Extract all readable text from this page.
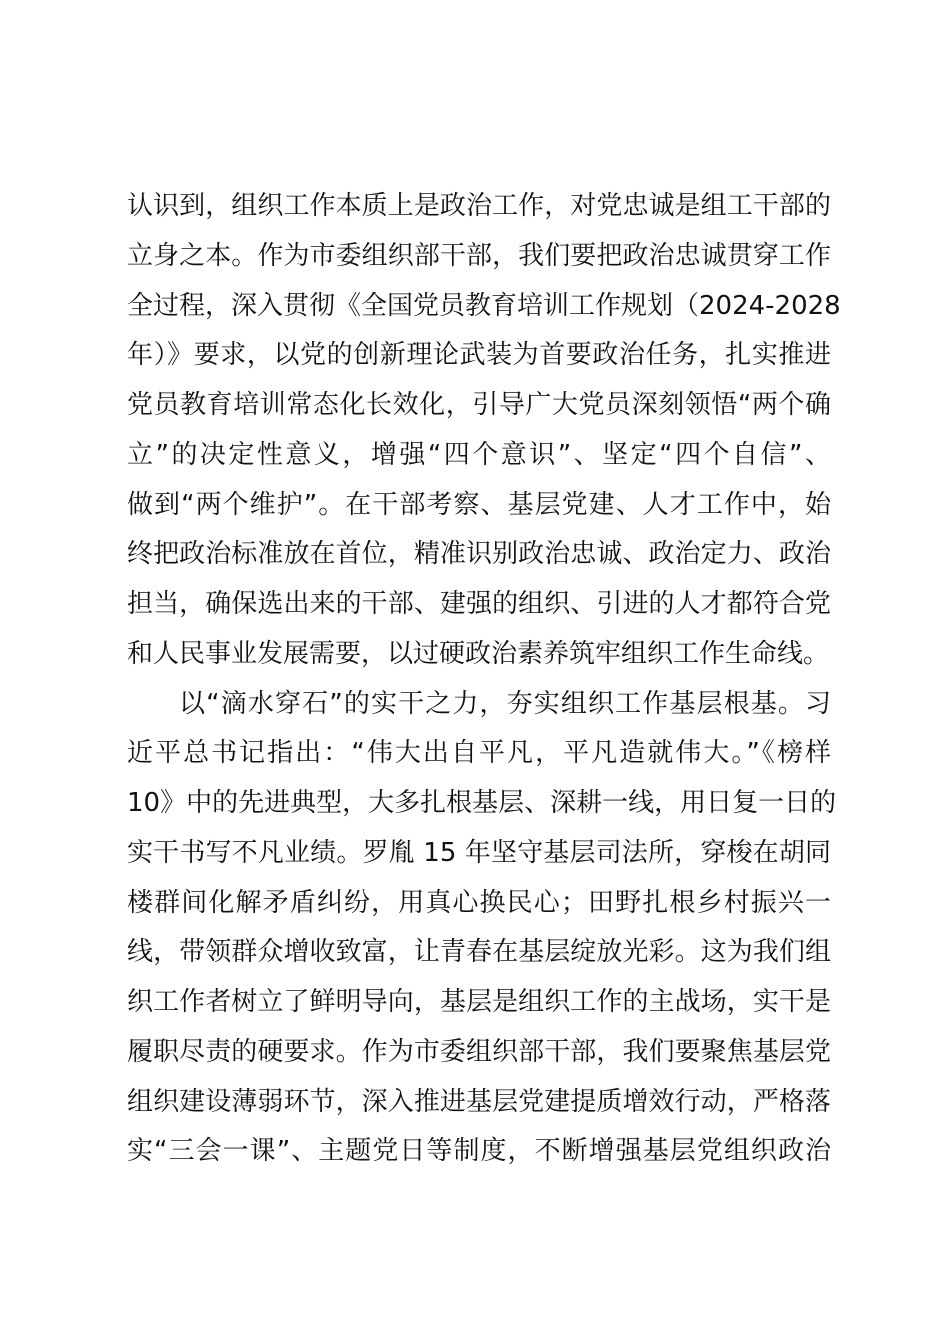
认识到，组织工作本质上是政治工作，对党忠诚是组工干部的
立身之本。作为市委组织部干部，我们要把政治忠诚贯穿工作
全过程，深入贯彻《全国党员教育培训工作规划（2024-2028
年）》要求，以党的创新理论武装为首要政治任务，扎实推进
党员教育培训常态化长效化，引导广大党员深刻领悟“两个确
立”的决定性意义，增强“四个意识”、坚定“四个自信”、
做到“两个维护”。在干部考察、基层党建、人才工作中，始
终把政治标准放在首位，精准识别政治忠诚、政治定力、政治
担当，确保选出来的干部、建强的组织、引进的人才都符合党
和人民事业发展需要，以过硬政治素养筑牢组织工作生命线。
以“滴水穿石”的实干之力，夯实组织工作基层根基。习
近平总书记指出：“伟大出自平凡，平凡造就伟大。”《榜样
10》中的先进典型，大多扎根基层、深耕一线，用日复一日的
实干书写不凡业绩。罗胤 15 年坚守基层司法所，穿梭在胡同
楼群间化解矛盾纠纷，用真心换民心；田野扎根乡村振兴一
线，带领群众增收致富，让青春在基层绽放光彩。这为我们组
织工作者树立了鲜明导向，基层是组织工作的主战场，实干是
履职尽责的硬要求。作为市委组织部干部，我们要聚焦基层党
组织建设薄弱环节，深入推进基层党建提质增效行动，严格落
实“三会一课”、主题党日等制度，不断增强基层党组织政治
